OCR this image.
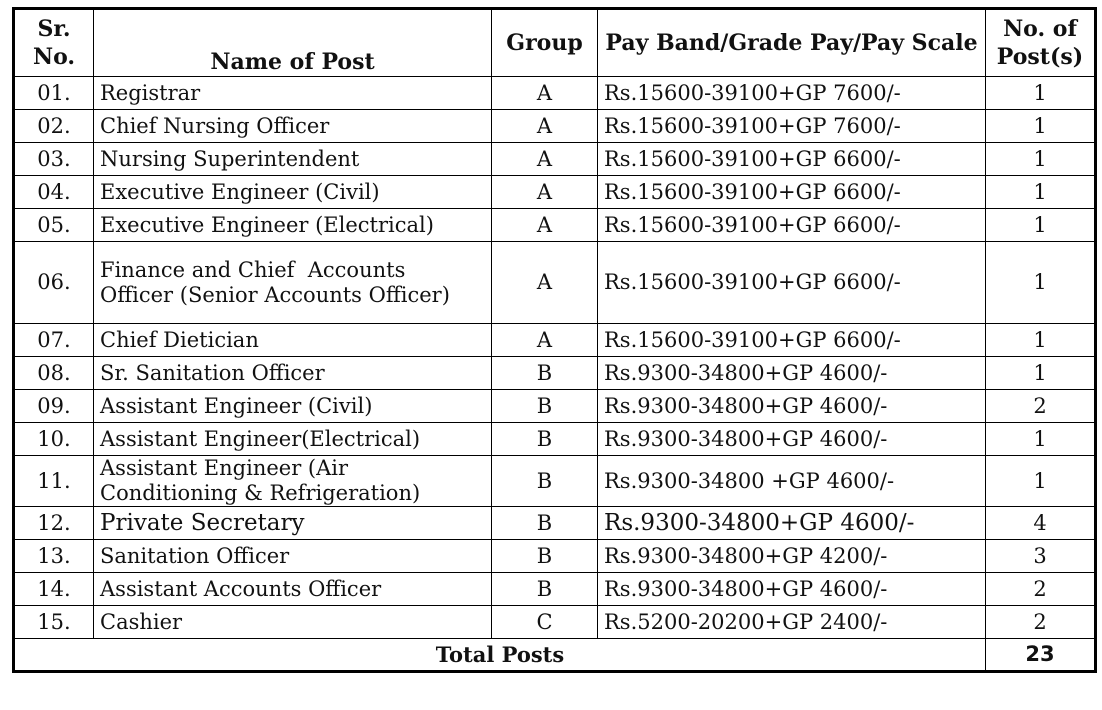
Sr. No.	Name of Post	Group	Pay Band/Grade Pay/Pay Scale	No. of Post(s)
01.	Registrar	A	Rs.15600-39100+GP 7600/-	1
02.	Chief Nursing Officer	A	Rs.15600-39100+GP 7600/-	1
03.	Nursing Superintendent	A	Rs.15600-39100+GP 6600/-	1
04.	Executive Engineer (Civil)	A	Rs.15600-39100+GP 6600/-	1
05.	Executive Engineer (Electrical)	A	Rs.15600-39100+GP 6600/-	1
06.	Finance and Chief  Accounts Officer (Senior Accounts Officer)	A	Rs.15600-39100+GP 6600/-	1
07.	Chief Dietician	A	Rs.15600-39100+GP 6600/-	1
08.	Sr. Sanitation Officer	B	Rs.9300-34800+GP 4600/-	1
09.	Assistant Engineer (Civil)	B	Rs.9300-34800+GP 4600/-	2
10.	Assistant Engineer(Electrical)	B	Rs.9300-34800+GP 4600/-	1
11.	Assistant Engineer (Air Conditioning & Refrigeration)	B	Rs.9300-34800 +GP 4600/-	1
12.	Private Secretary	B	Rs.9300-34800+GP 4600/-	4
13.	Sanitation Officer	B	Rs.9300-34800+GP 4200/-	3
14.	Assistant Accounts Officer	B	Rs.9300-34800+GP 4600/-	2
15.	Cashier	C	Rs.5200-20200+GP 2400/-	2
Total Posts				23
